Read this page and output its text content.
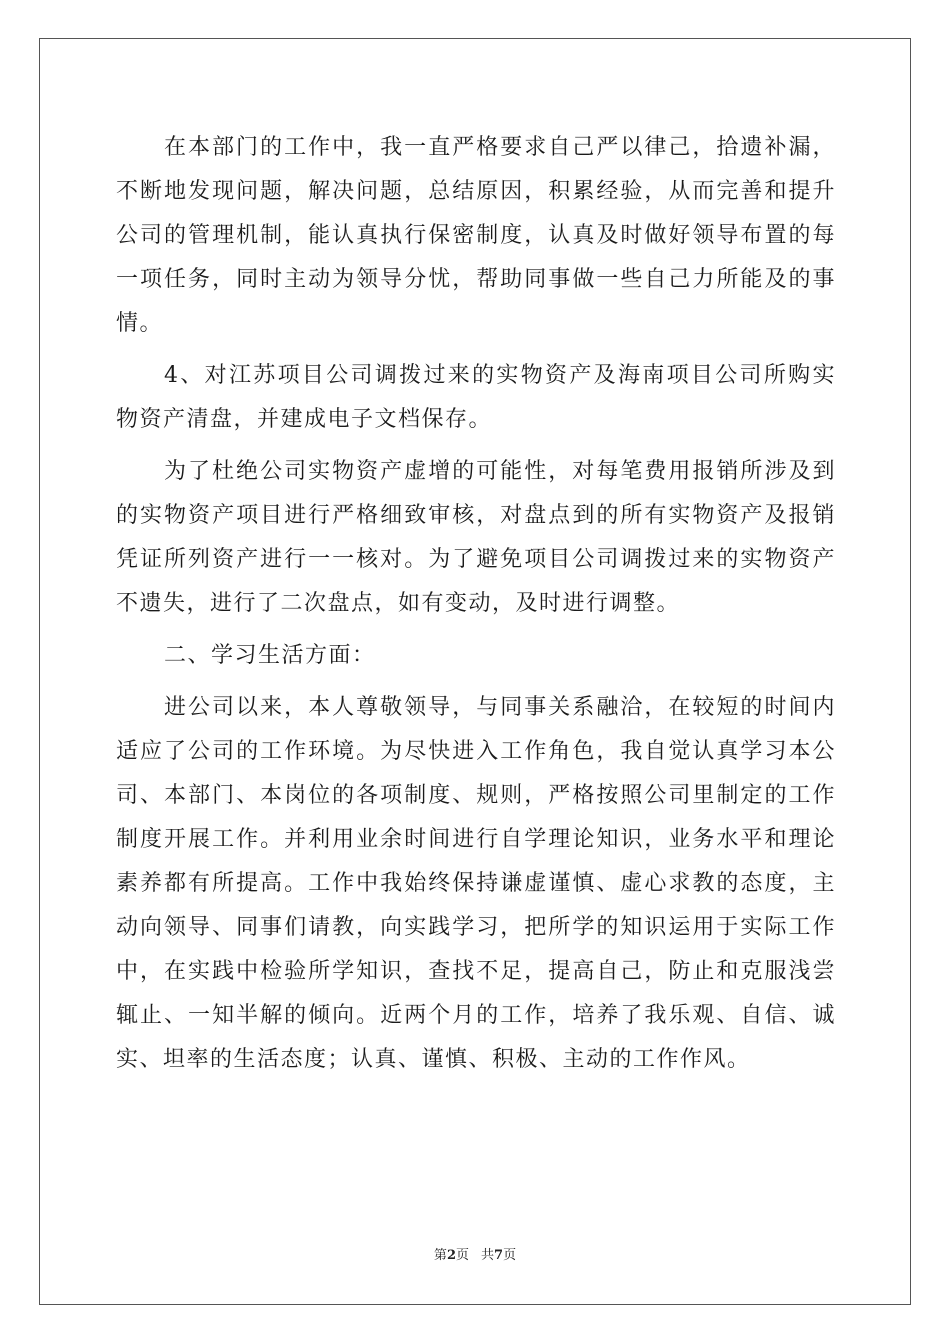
在本部门的工作中，我一直严格要求自己严以律己，拾遗补漏，不断地发现问题，解决问题，总结原因，积累经验，从而完善和提升公司的管理机制，能认真执行保密制度，认真及时做好领导布置的每一项任务，同时主动为领导分忧，帮助同事做一些自己力所能及的事情。

4、对江苏项目公司调拨过来的实物资产及海南项目公司所购实物资产清盘，并建成电子文档保存。

为了杜绝公司实物资产虚增的可能性，对每笔费用报销所涉及到的实物资产项目进行严格细致审核，对盘点到的所有实物资产及报销凭证所列资产进行一一核对。为了避免项目公司调拨过来的实物资产不遗失，进行了二次盘点，如有变动，及时进行调整。

二、学习生活方面：

进公司以来，本人尊敬领导，与同事关系融洽，在较短的时间内适应了公司的工作环境。为尽快进入工作角色，我自觉认真学习本公司、本部门、本岗位的各项制度、规则，严格按照公司里制定的工作制度开展工作。并利用业余时间进行自学理论知识，业务水平和理论素养都有所提高。工作中我始终保持谦虚谨慎、虚心求教的态度，主动向领导、同事们请教，向实践学习，把所学的知识运用于实际工作中，在实践中检验所学知识，查找不足，提高自己，防止和克服浅尝辄止、一知半解的倾向。近两个月的工作，培养了我乐观、自信、诚实、坦率的生活态度；认真、谨慎、积极、主动的工作作风。

第2页 共7页
